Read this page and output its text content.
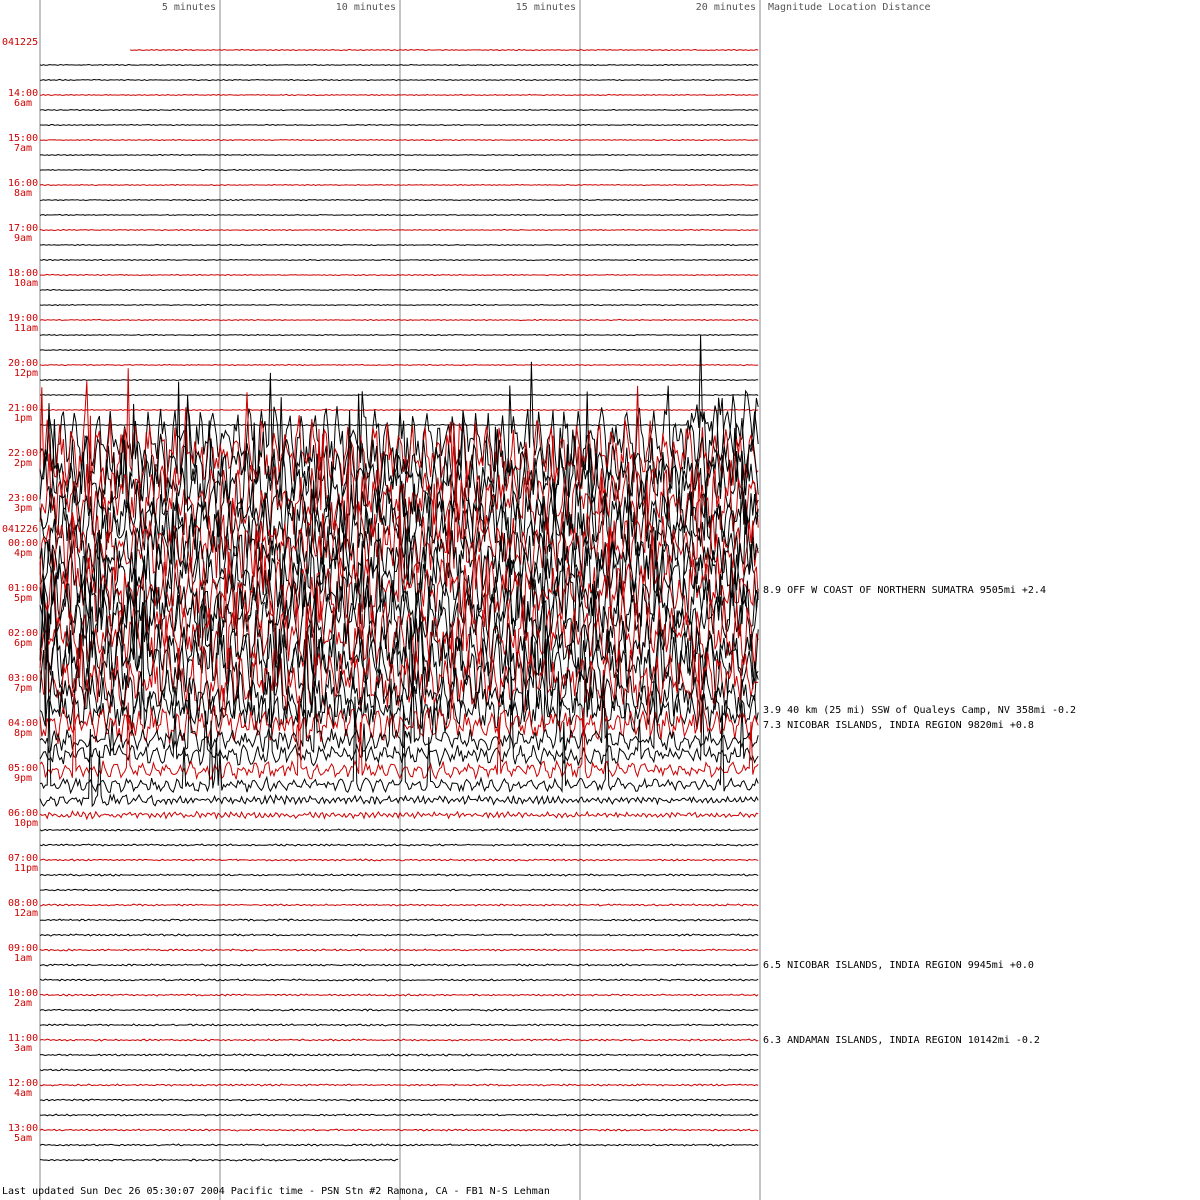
5 minutes	10 minutes	15 minutes	20 minutes Magnitude Location Distance
041225
14:00
6am
15:00
7am
16:00
8am
17:00
9am
18:00
10am
19:00
11am
20:00
12pm
21:00
1pm
22:00
2pm
23:00
3pm
041226
00:00
4pm
01:00
5pm
02:00
6pm
03:00
7pm
04:00
8pm
05:00
9pm
06:00
10pm
07:00
11pm
08:00
12am
09:00
1am
10:00
2am
11:00
3am
12:00
4am
13:00
5am
8.9 OFF W COAST OF NORTHERN SUMATRA 9505mi +2.4
3.9 40 km (25 mi) SSW of Qualeys Camp, NV 358mi -0.2
7.3 NICOBAR ISLANDS, INDIA REGION 9820mi +0.8
6.5 NICOBAR ISLANDS, INDIA REGION 9945mi +0.0
6.3 ANDAMAN ISLANDS, INDIA REGION 10142mi -0.2
Last updated Sun Dec 26 05:30:07 2004 Pacific time - PSN Stn #2 Ramona, CA - FB1 N-S Lehman
